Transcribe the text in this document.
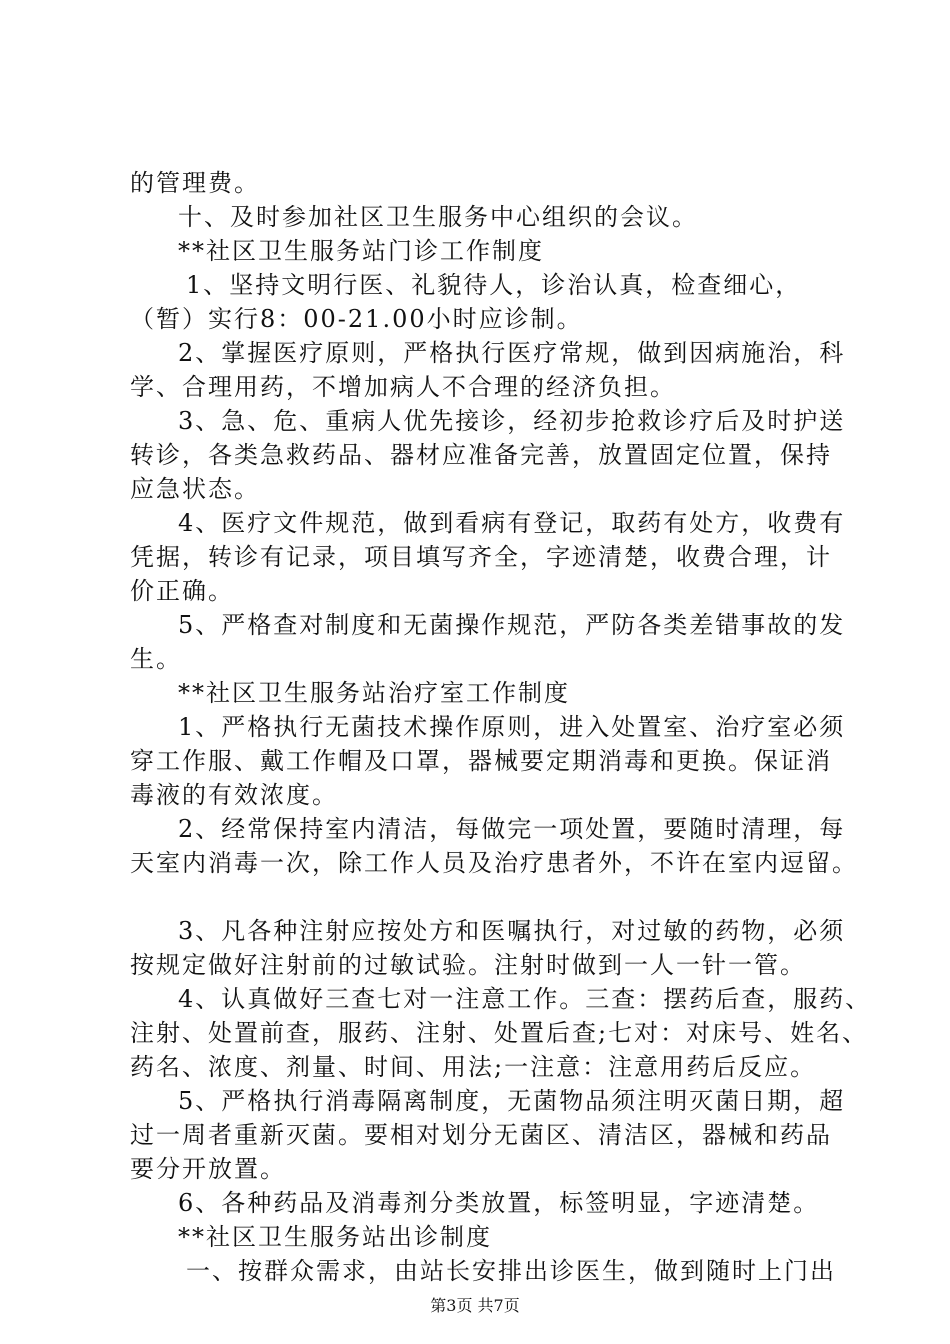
的管理费。
十、及时参加社区卫生服务中心组织的会议。
**社区卫生服务站门诊工作制度
1、坚持文明行医、礼貌待人，诊治认真，检查细心，
（暂）实行8：00-21.00小时应诊制。
2、掌握医疗原则，严格执行医疗常规，做到因病施治，科
学、合理用药，不增加病人不合理的经济负担。
3、急、危、重病人优先接诊，经初步抢救诊疗后及时护送
转诊，各类急救药品、器材应准备完善，放置固定位置，保持
应急状态。
4、医疗文件规范，做到看病有登记，取药有处方，收费有
凭据，转诊有记录，项目填写齐全，字迹清楚，收费合理，计
价正确。
5、严格查对制度和无菌操作规范，严防各类差错事故的发
生。
**社区卫生服务站治疗室工作制度
1、严格执行无菌技术操作原则，进入处置室、治疗室必须
穿工作服、戴工作帽及口罩，器械要定期消毒和更换。保证消
毒液的有效浓度。
2、经常保持室内清洁，每做完一项处置，要随时清理，每
天室内消毒一次，除工作人员及治疗患者外，不许在室内逗留。
3、凡各种注射应按处方和医嘱执行，对过敏的药物，必须
按规定做好注射前的过敏试验。注射时做到一人一针一管。
4、认真做好三查七对一注意工作。三查：摆药后查，服药、
注射、处置前查，服药、注射、处置后查;七对：对床号、姓名、
药名、浓度、剂量、时间、用法;一注意：注意用药后反应。
5、严格执行消毒隔离制度，无菌物品须注明灭菌日期，超
过一周者重新灭菌。要相对划分无菌区、清洁区，器械和药品
要分开放置。
6、各种药品及消毒剂分类放置，标签明显，字迹清楚。
**社区卫生服务站出诊制度
一、按群众需求，由站长安排出诊医生，做到随时上门出
第3页 共7页
